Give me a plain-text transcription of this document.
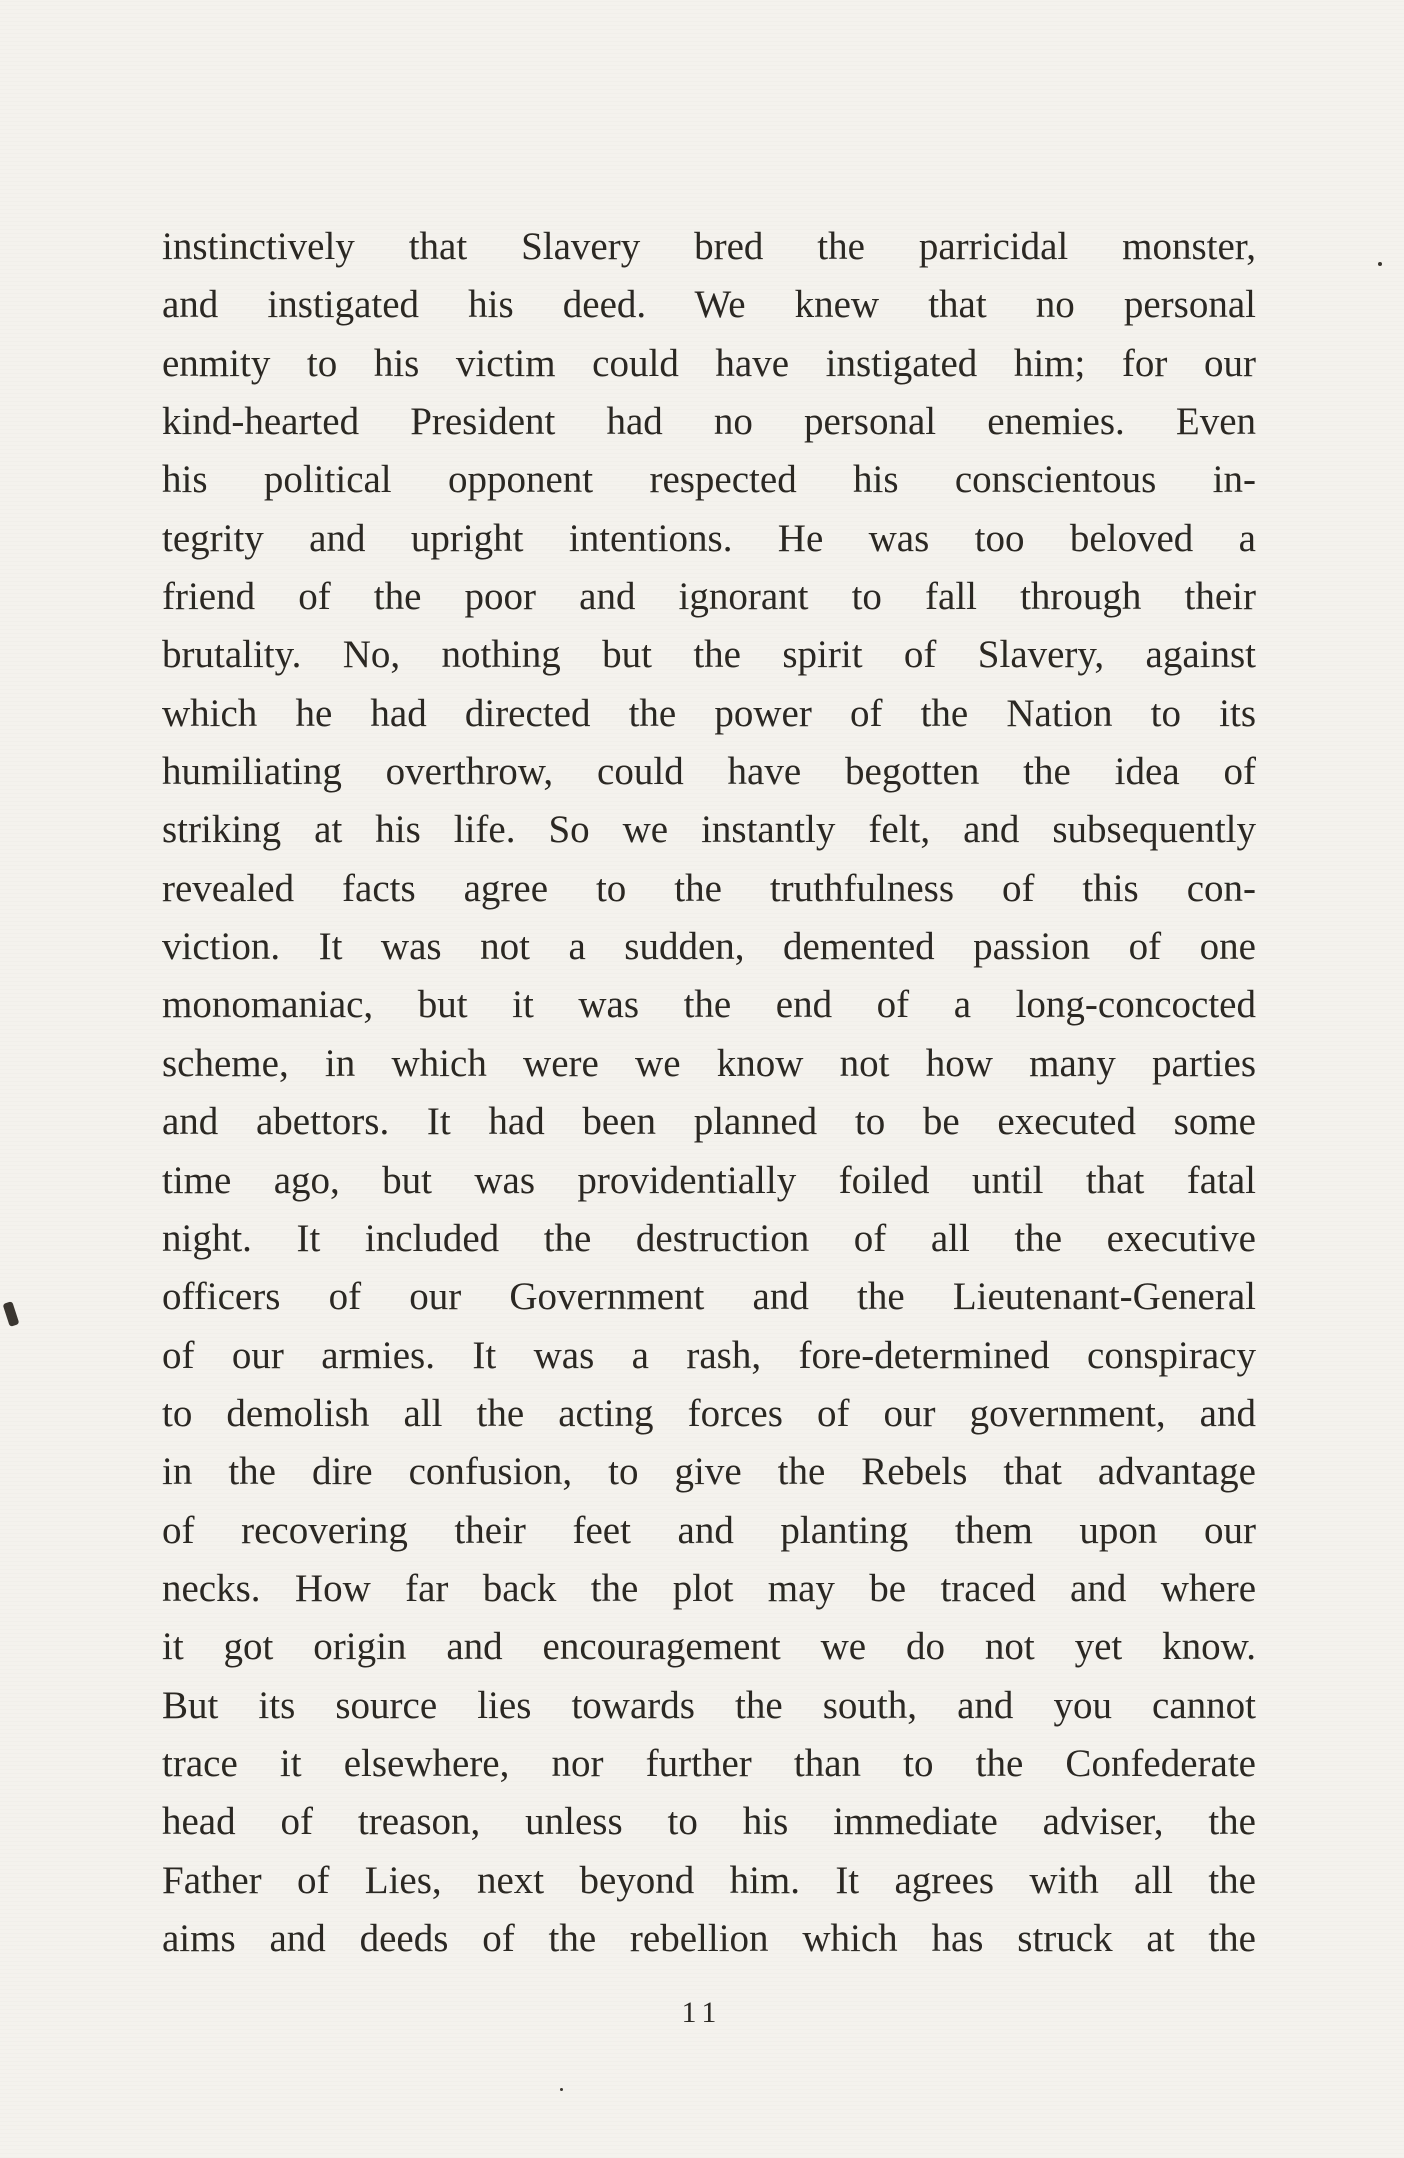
instinctively that Slavery bred the parricidal monster,
and instigated his deed. We knew that no personal
enmity to his victim could have instigated him; for our
kind-hearted President had no personal enemies. Even
his political opponent respected his conscientous in-
tegrity and upright intentions. He was too beloved a
friend of the poor and ignorant to fall through their
brutality. No, nothing but the spirit of Slavery, against
which he had directed the power of the Nation to its
humiliating overthrow, could have begotten the idea of
striking at his life. So we instantly felt, and subsequently
revealed facts agree to the truthfulness of this con-
viction. It was not a sudden, demented passion of one
monomaniac, but it was the end of a long-concocted
scheme, in which were we know not how many parties
and abettors. It had been planned to be executed some
time ago, but was providentially foiled until that fatal
night. It included the destruction of all the executive
officers of our Government and the Lieutenant-General
of our armies. It was a rash, fore-determined conspiracy
to demolish all the acting forces of our government, and
in the dire confusion, to give the Rebels that advantage
of recovering their feet and planting them upon our
necks. How far back the plot may be traced and where
it got origin and encouragement we do not yet know.
But its source lies towards the south, and you cannot
trace it elsewhere, nor further than to the Confederate
head of treason, unless to his immediate adviser, the
Father of Lies, next beyond him. It agrees with all the
aims and deeds of the rebellion which has struck at the
11
